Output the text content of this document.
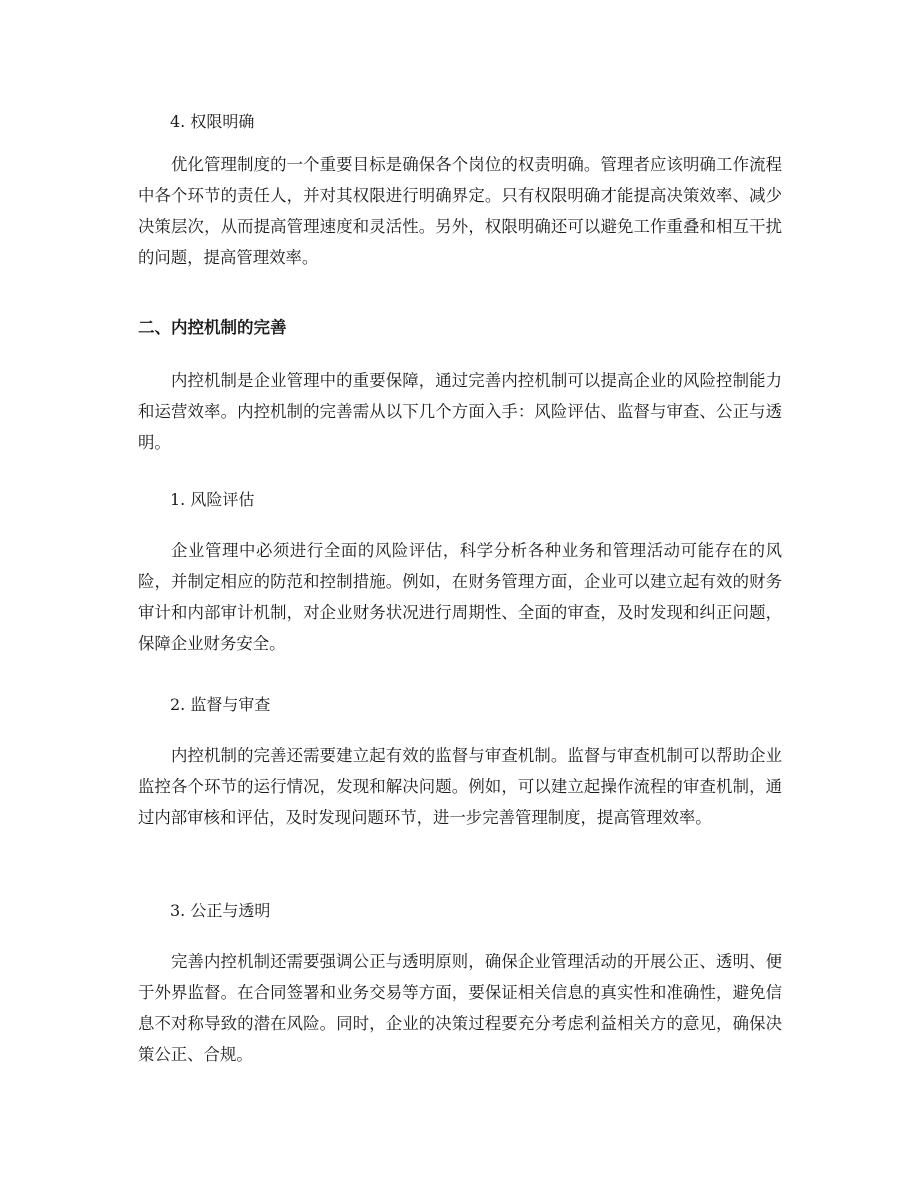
4. 权限明确

优化管理制度的一个重要目标是确保各个岗位的权责明确。管理者应该明确工作流程中各个环节的责任人，并对其权限进行明确界定。只有权限明确才能提高决策效率、减少决策层次，从而提高管理速度和灵活性。另外，权限明确还可以避免工作重叠和相互干扰的问题，提高管理效率。

二、内控机制的完善

内控机制是企业管理中的重要保障，通过完善内控机制可以提高企业的风险控制能力和运营效率。内控机制的完善需从以下几个方面入手：风险评估、监督与审查、公正与透明。

1. 风险评估

企业管理中必须进行全面的风险评估，科学分析各种业务和管理活动可能存在的风险，并制定相应的防范和控制措施。例如，在财务管理方面，企业可以建立起有效的财务审计和内部审计机制，对企业财务状况进行周期性、全面的审查，及时发现和纠正问题，保障企业财务安全。

2. 监督与审查

内控机制的完善还需要建立起有效的监督与审查机制。监督与审查机制可以帮助企业监控各个环节的运行情况，发现和解决问题。例如，可以建立起操作流程的审查机制，通过内部审核和评估，及时发现问题环节，进一步完善管理制度，提高管理效率。

3. 公正与透明

完善内控机制还需要强调公正与透明原则，确保企业管理活动的开展公正、透明、便于外界监督。在合同签署和业务交易等方面，要保证相关信息的真实性和准确性，避免信息不对称导致的潜在风险。同时，企业的决策过程要充分考虑利益相关方的意见，确保决策公正、合规。
